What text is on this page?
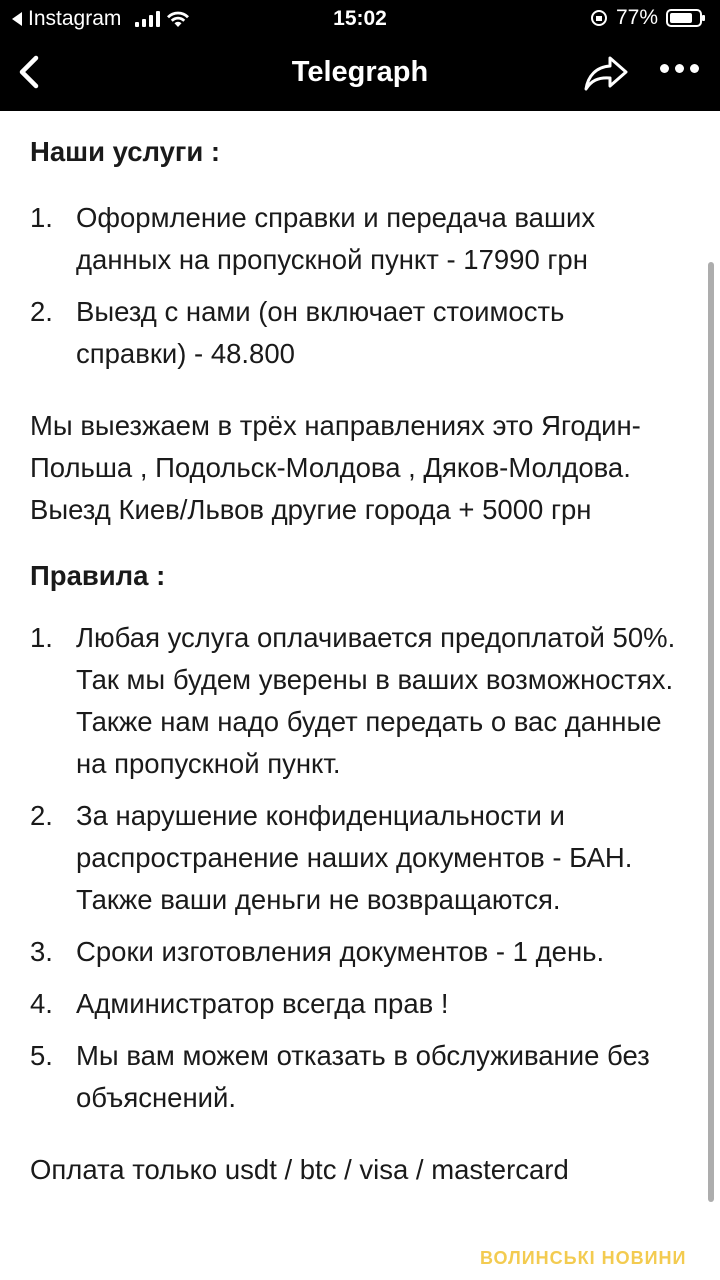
Instagram	15:02	77%
Telegraph
Наши услуги :
1. Оформление справки и передача ваших данных на пропускной пункт - 17990 грн
2. Выезд с нами (он включает стоимость справки) - 48.800

Мы выезжаем в трёх направлениях это Ягодин-Польша , Подольск-Молдова , Дяков-Молдова. Выезд Киев/Львов другие города + 5000 грн

Правила :
1. Любая услуга оплачивается предоплатой 50%. Так мы будем уверены в ваших возможностях. Также нам надо будет передать о вас данные на пропускной пункт.
2. За нарушение конфиденциальности и распространение наших документов - БАН. Также ваши деньги не возвращаются.
3. Сроки изготовления документов - 1 день.
4. Администратор всегда прав !
5. Мы вам можем отказать в обслуживание без объяснений.

Оплата только usdt / btc / visa / mastercard

ВОЛИНСЬКІ НОВИНИ
